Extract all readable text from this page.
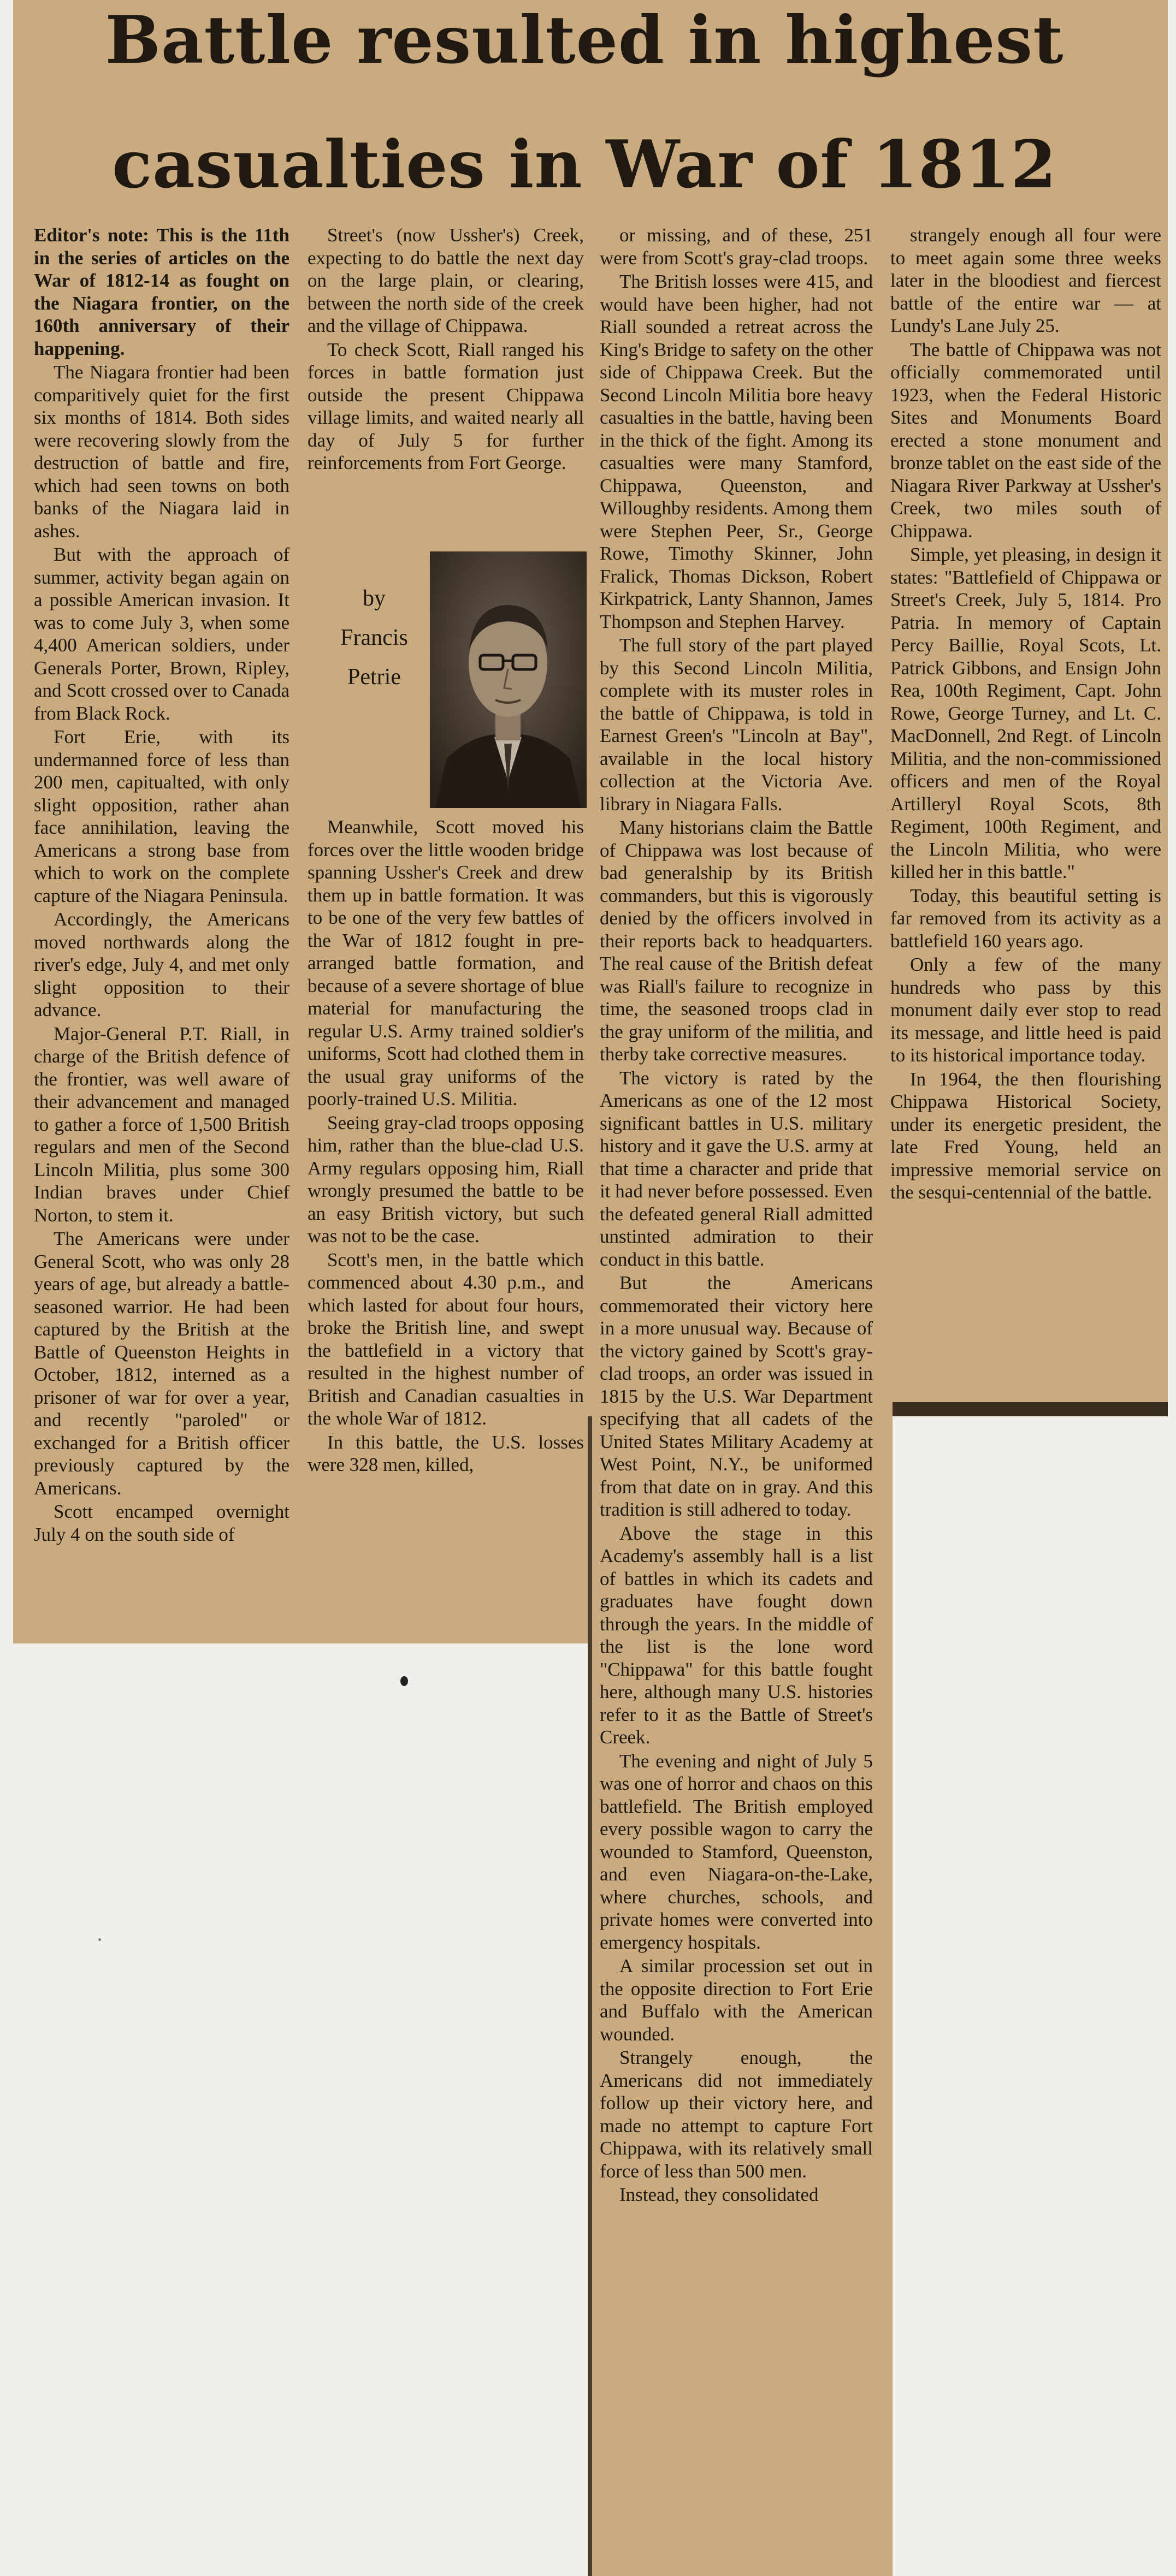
Battle resulted in highest
casualties in War of 1812

Editor's note: This is the 11th in the series of articles on the War of 1812-14 as fought on the Niagara frontier, on the 160th anniversary of their happening.

The Niagara frontier had been comparitively quiet for the first six months of 1814. Both sides were recovering slowly from the destruction of battle and fire, which had seen towns on both banks of the Niagara laid in ashes.

But with the approach of summer, activity began again on a possible American invasion. It was to come July 3, when some 4,400 American soldiers, under Generals Porter, Brown, Ripley, and Scott crossed over to Canada from Black Rock.

Fort Erie, with its undermanned force of less than 200 men, capitualted, with only slight opposition, rather ahan face annihilation, leaving the Americans a strong base from which to work on the complete capture of the Niagara Peninsula.

Accordingly, the Americans moved northwards along the river's edge, July 4, and met only slight opposition to their advance.

Major-General P.T. Riall, in charge of the British defence of the frontier, was well aware of their advancement and managed to gather a force of 1,500 British regulars and men of the Second Lincoln Militia, plus some 300 Indian braves under Chief Norton, to stem it.

The Americans were under General Scott, who was only 28 years of age, but already a battle-seasoned warrior. He had been captured by the British at the Battle of Queenston Heights in October, 1812, interned as a prisoner of war for over a year, and recently "paroled" or exchanged for a British officer previously captured by the Americans.

Scott encamped overnight July 4 on the south side of

Street's (now Ussher's) Creek, expecting to do battle the next day on the large plain, or clearing, between the north side of the creek and the village of Chippawa.

To check Scott, Riall ranged his forces in battle formation just outside the present Chippawa village limits, and waited nearly all day of July 5 for further reinforcements from Fort George.

by
Francis
Petrie

Meanwhile, Scott moved his forces over the little wooden bridge spanning Ussher's Creek and drew them up in battle formation. It was to be one of the very few battles of the War of 1812 fought in pre-arranged battle formation, and because of a severe shortage of blue material for manufacturing the regular U.S. Army trained soldier's uniforms, Scott had clothed them in the usual gray uniforms of the poorly-trained U.S. Militia.

Seeing gray-clad troops opposing him, rather than the blue-clad U.S. Army regulars opposing him, Riall wrongly presumed the battle to be an easy British victory, but such was not to be the case.

Scott's men, in the battle which commenced about 4.30 p.m., and which lasted for about four hours, broke the British line, and swept the battlefield in a victory that resulted in the highest number of British and Canadian casualties in the whole War of 1812.

In this battle, the U.S. losses were 328 men, killed,

or missing, and of these, 251 were from Scott's gray-clad troops.

The British losses were 415, and would have been higher, had not Riall sounded a retreat across the King's Bridge to safety on the other side of Chippawa Creek. But the Second Lincoln Militia bore heavy casualties in the battle, having been in the thick of the fight. Among its casualties were many Stamford, Chippawa, Queenston, and Willoughby residents. Among them were Stephen Peer, Sr., George Rowe, Timothy Skinner, John Fralick, Thomas Dickson, Robert Kirkpatrick, Lanty Shannon, James Thompson and Stephen Harvey.

The full story of the part played by this Second Lincoln Militia, complete with its muster roles in the battle of Chippawa, is told in Earnest Green's "Lincoln at Bay", available in the local history collection at the Victoria Ave. library in Niagara Falls.

Many historians claim the Battle of Chippawa was lost because of bad generalship by its British commanders, but this is vigorously denied by the officers involved in their reports back to headquarters. The real cause of the British defeat was Riall's failure to recognize in time, the seasoned troops clad in the gray uniform of the militia, and therby take corrective measures.

The victory is rated by the Americans as one of the 12 most significant battles in U.S. military history and it gave the U.S. army at that time a character and pride that it had never before possessed. Even the defeated general Riall admitted unstinted admiration to their conduct in this battle.

But the Americans commemorated their victory here in a more unusual way. Because of the victory gained by Scott's gray-clad troops, an order was issued in 1815 by the U.S. War Department specifying that all cadets of the United States Military Academy at West Point, N.Y., be uniformed from that date on in gray. And this tradition is still adhered to today.

Above the stage in this Academy's assembly hall is a list of battles in which its cadets and graduates have fought down through the years. In the middle of the list is the lone word "Chippawa" for this battle fought here, although many U.S. histories refer to it as the Battle of Street's Creek.

The evening and night of July 5 was one of horror and chaos on this battlefield. The British employed every possible wagon to carry the wounded to Stamford, Queenston, and even Niagara-on-the-Lake, where churches, schools, and private homes were converted into emergency hospitals.

A similar procession set out in the opposite direction to Fort Erie and Buffalo with the American wounded.

Strangely enough, the Americans did not immediately follow up their victory here, and made no attempt to capture Fort Chippawa, with its relatively small force of less than 500 men.

Instead, they consolidated

strangely enough all four were to meet again some three weeks later in the bloodiest and fiercest battle of the entire war — at Lundy's Lane July 25.

The battle of Chippawa was not officially commemorated until 1923, when the Federal Historic Sites and Monuments Board erected a stone monument and bronze tablet on the east side of the Niagara River Parkway at Ussher's Creek, two miles south of Chippawa.

Simple, yet pleasing, in design it states: "Battlefield of Chippawa or Street's Creek, July 5, 1814. Pro Patria. In memory of Captain Percy Baillie, Royal Scots, Lt. Patrick Gibbons, and Ensign John Rea, 100th Regiment, Capt. John Rowe, George Turney, and Lt. C. MacDonnell, 2nd Regt. of Lincoln Militia, and the non-commissioned officers and men of the Royal Artilleryl Royal Scots, 8th Regiment, 100th Regiment, and the Lincoln Militia, who were killed her in this battle."

Today, this beautiful setting is far removed from its activity as a battlefield 160 years ago.

Only a few of the many hundreds who pass by this monument daily ever stop to read its message, and little heed is paid to its historical importance today.

In 1964, the then flourishing Chippawa Historical Society, under its energetic president, the late Fred Young, held an impressive memorial service on the sesqui-centennial of the battle.
